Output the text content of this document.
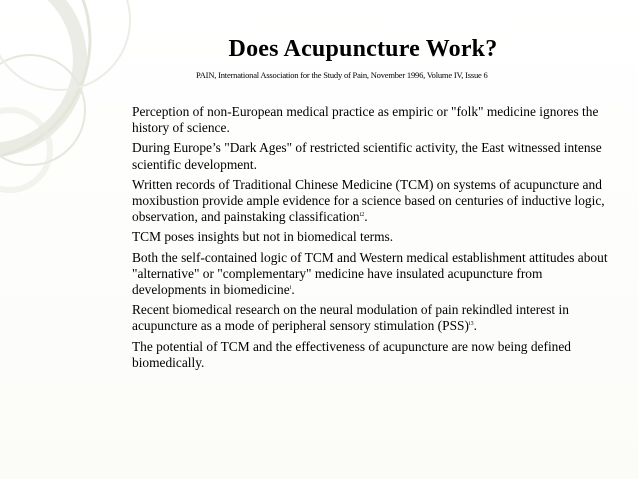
Does Acupuncture Work?
PAIN, International Association for the Study of Pain, November 1996, Volume IV, Issue 6
Perception of non-European medical practice as empiric or "folk" medicine ignores the history of science.
During Europe’s "Dark Ages" of restricted scientific activity, the East witnessed intense scientific development.
Written records of Traditional Chinese Medicine (TCM) on systems of acupuncture and moxibustion provide ample evidence for a science based on centuries of inductive logic, observation, and painstaking classification$^{i2}$.
TCM poses insights but not in biomedical terms.
Both the self-contained logic of TCM and Western medical establishment attitudes about "alternative" or "complementary" medicine have insulated acupuncture from developments in biomedicine$^i$.
Recent biomedical research on the neural modulation of pain rekindled interest in acupuncture as a mode of peripheral sensory stimulation (PSS)$^{i3}$.
The potential of TCM and the effectiveness of acupuncture are now being defined biomedically.
